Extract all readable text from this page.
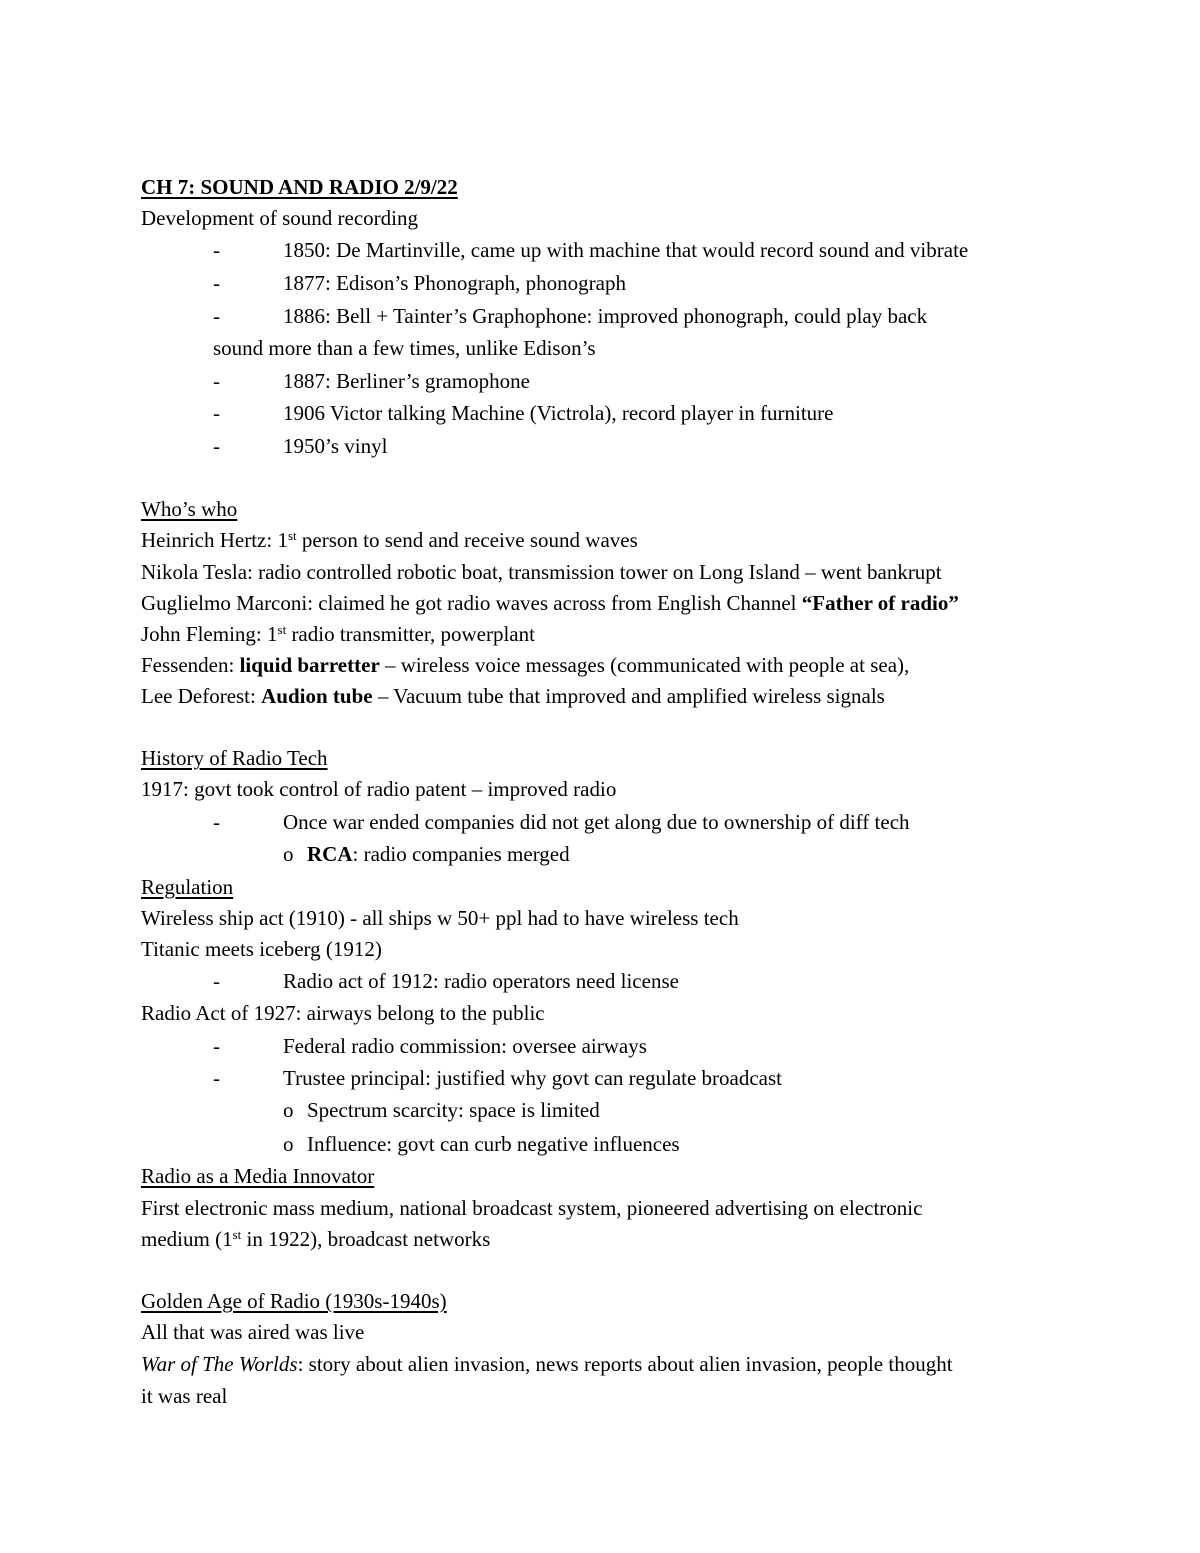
CH 7: SOUND AND RADIO 2/9/22
Development of sound recording
-	1850: De Martinville, came up with machine that would record sound and vibrate
-	1877: Edison’s Phonograph, phonograph
-	1886: Bell + Tainter’s Graphophone: improved phonograph, could play back
sound more than a few times, unlike Edison’s
-	1887: Berliner’s gramophone
-	1906 Victor talking Machine (Victrola), record player in furniture
-	1950’s vinyl
Who’s who
Heinrich Hertz: 1st person to send and receive sound waves
Nikola Tesla: radio controlled robotic boat, transmission tower on Long Island – went bankrupt
Guglielmo Marconi: claimed he got radio waves across from English Channel “Father of radio”
John Fleming: 1st radio transmitter, powerplant
Fessenden: liquid barretter – wireless voice messages (communicated with people at sea),
Lee Deforest: Audion tube – Vacuum tube that improved and amplified wireless signals
History of Radio Tech
1917: govt took control of radio patent – improved radio
-	Once war ended companies did not get along due to ownership of diff tech
o RCA: radio companies merged
Regulation
Wireless ship act (1910) - all ships w 50+ ppl had to have wireless tech
Titanic meets iceberg (1912)
-	Radio act of 1912: radio operators need license
Radio Act of 1927: airways belong to the public
-	Federal radio commission: oversee airways
-	Trustee principal: justified why govt can regulate broadcast
o Spectrum scarcity: space is limited
o Influence: govt can curb negative influences
Radio as a Media Innovator
First electronic mass medium, national broadcast system, pioneered advertising on electronic
medium (1st in 1922), broadcast networks
Golden Age of Radio (1930s-1940s)
All that was aired was live
War of The Worlds: story about alien invasion, news reports about alien invasion, people thought
it was real
